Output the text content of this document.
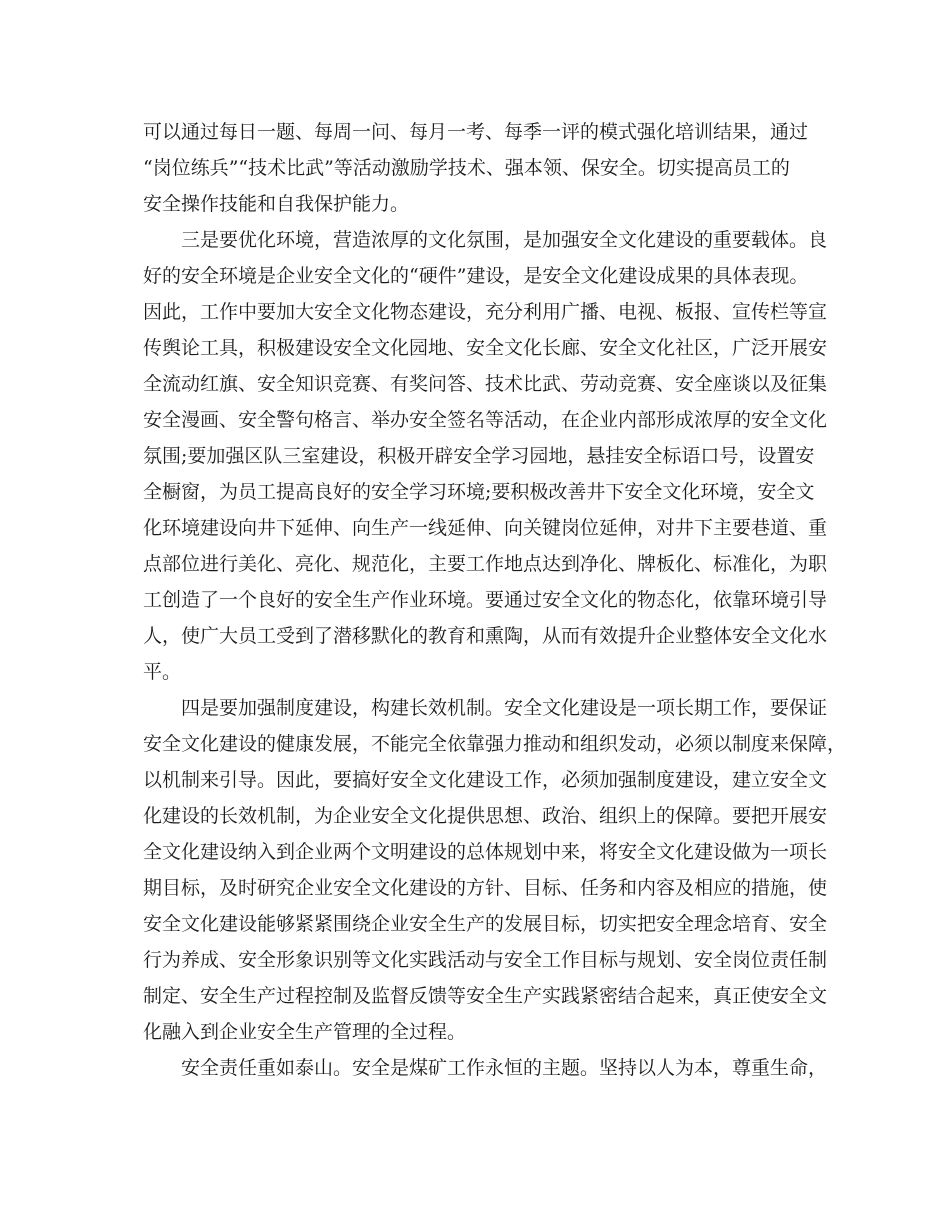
可以通过每日一题、每周一问、每月一考、每季一评的模式强化培训结果，通过
“岗位练兵”“技术比武”等活动激励学技术、强本领、保安全。切实提高员工的
安全操作技能和自我保护能力。
三是要优化环境，营造浓厚的文化氛围，是加强安全文化建设的重要载体。良
好的安全环境是企业安全文化的“硬件”建设，是安全文化建设成果的具体表现。
因此，工作中要加大安全文化物态建设，充分利用广播、电视、板报、宣传栏等宣
传舆论工具，积极建设安全文化园地、安全文化长廊、安全文化社区，广泛开展安
全流动红旗、安全知识竞赛、有奖问答、技术比武、劳动竞赛、安全座谈以及征集
安全漫画、安全警句格言、举办安全签名等活动，在企业内部形成浓厚的安全文化
氛围;要加强区队三室建设，积极开辟安全学习园地，悬挂安全标语口号，设置安
全橱窗，为员工提高良好的安全学习环境;要积极改善井下安全文化环境，安全文
化环境建设向井下延伸、向生产一线延伸、向关键岗位延伸，对井下主要巷道、重
点部位进行美化、亮化、规范化，主要工作地点达到净化、牌板化、标准化，为职
工创造了一个良好的安全生产作业环境。要通过安全文化的物态化，依靠环境引导
人，使广大员工受到了潜移默化的教育和熏陶，从而有效提升企业整体安全文化水
平。
四是要加强制度建设，构建长效机制。安全文化建设是一项长期工作，要保证
安全文化建设的健康发展，不能完全依靠强力推动和组织发动，必须以制度来保障，
以机制来引导。因此，要搞好安全文化建设工作，必须加强制度建设，建立安全文
化建设的长效机制，为企业安全文化提供思想、政治、组织上的保障。要把开展安
全文化建设纳入到企业两个文明建设的总体规划中来，将安全文化建设做为一项长
期目标，及时研究企业安全文化建设的方针、目标、任务和内容及相应的措施，使
安全文化建设能够紧紧围绕企业安全生产的发展目标，切实把安全理念培育、安全
行为养成、安全形象识别等文化实践活动与安全工作目标与规划、安全岗位责任制
制定、安全生产过程控制及监督反馈等安全生产实践紧密结合起来，真正使安全文
化融入到企业安全生产管理的全过程。
安全责任重如泰山。安全是煤矿工作永恒的主题。坚持以人为本，尊重生命，
